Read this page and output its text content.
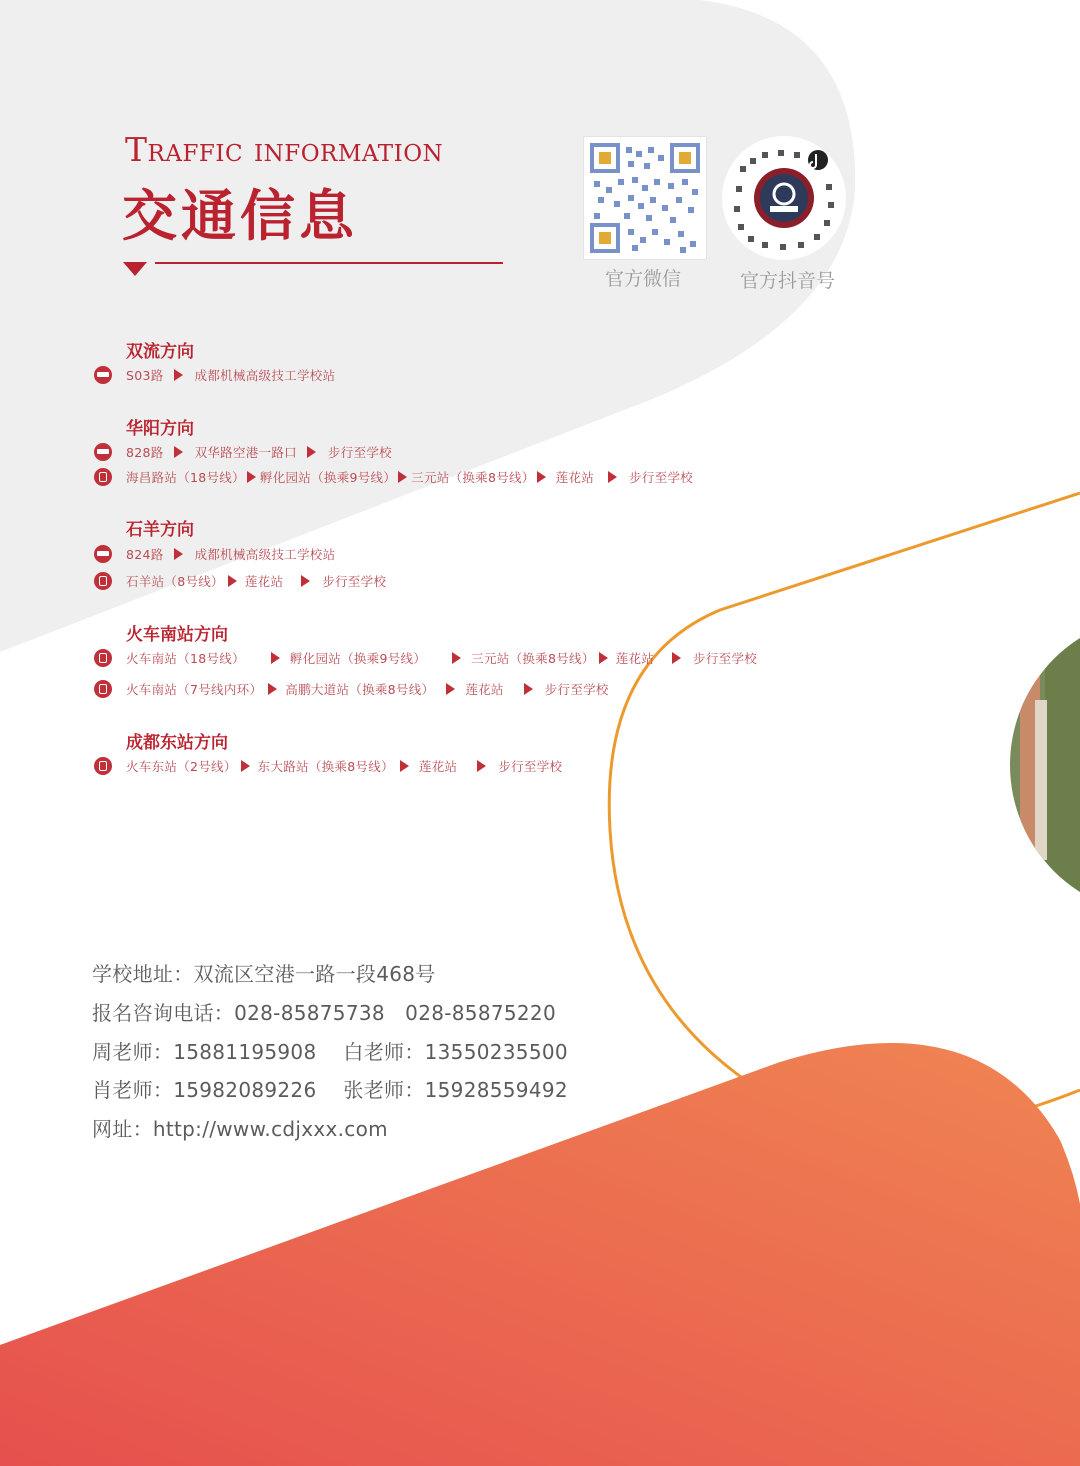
Traffic information
交通信息
官方微信	官方抖音号
双流方向
S03路 成都机械高级技工学校站
华阳方向
828路 双华路空港一路口 步行至学校
海昌路站（18号线） 孵化园站（换乘9号线） 三元站（换乘8号线） 莲花站	步行至学校
石羊方向
824路 成都机械高级技工学校站
石羊站（8号线） 莲花站	步行至学校
火车南站方向
火车南站（18号线）	孵化园站（换乘9号线）	三元站（换乘8号线） 莲花站	步行至学校
火车南站（7号线内环） 高鹏大道站（换乘8号线） 莲花站	步行至学校
成都东站方向
火车东站（2号线） 东大路站（换乘8号线） 莲花站	步行至学校
学校地址：双流区空港一路一段468号
报名咨询电话：028-85875738　028-85875220
周老师：15881195908　 白老师：13550235500
肖老师：15982089226　 张老师：15928559492
网址：http://www.cdjxxx.com
